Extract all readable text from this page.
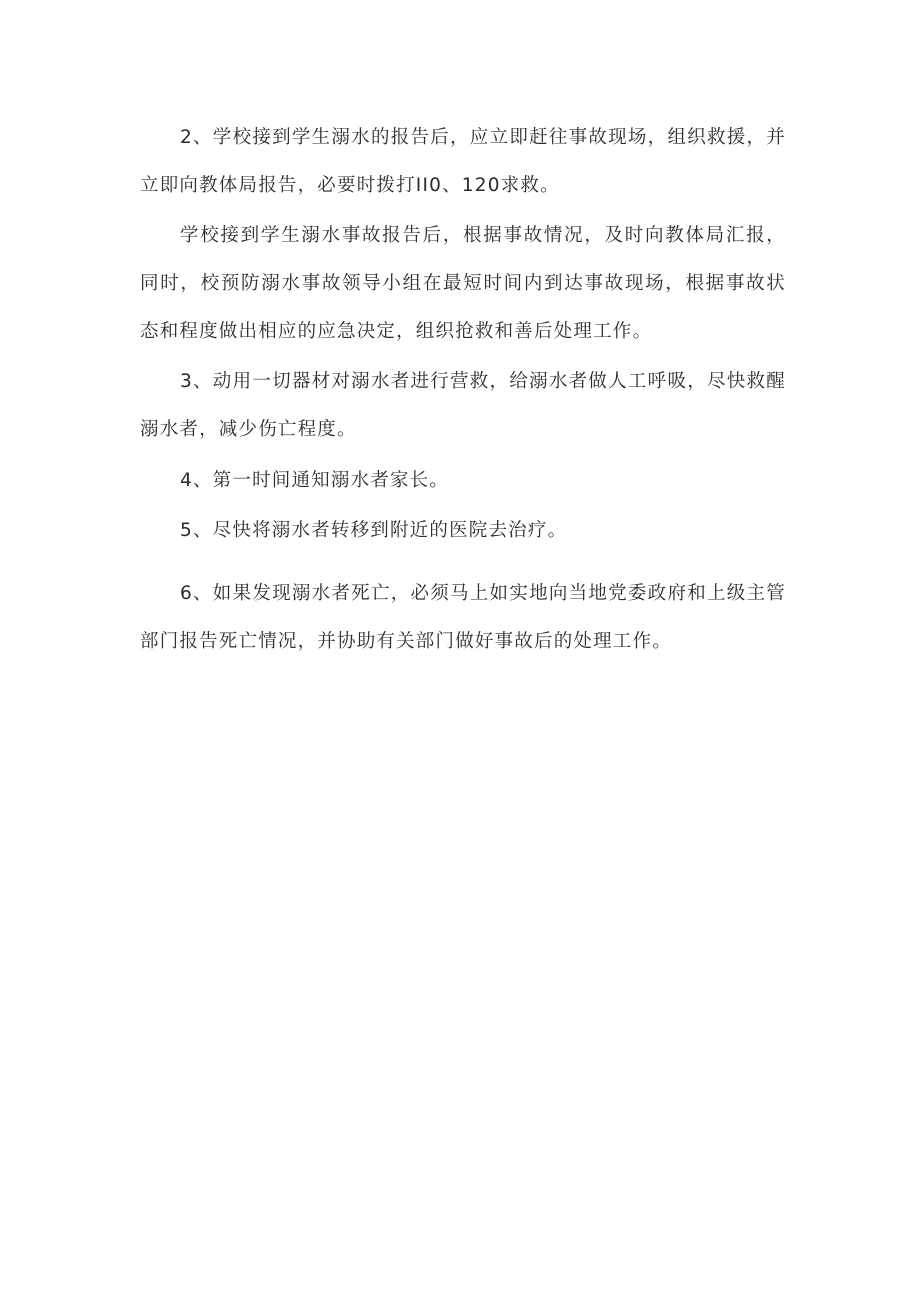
2、学校接到学生溺水的报告后，应立即赶往事故现场，组织救援，并立即向教体局报告，必要时拨打II0、120求救。

学校接到学生溺水事故报告后，根据事故情况，及时向教体局汇报，同时，校预防溺水事故领导小组在最短时间内到达事故现场，根据事故状态和程度做出相应的应急决定，组织抢救和善后处理工作。

3、动用一切器材对溺水者进行营救，给溺水者做人工呼吸，尽快救醒溺水者，减少伤亡程度。

4、第一时间通知溺水者家长。

5、尽快将溺水者转移到附近的医院去治疗。

6、如果发现溺水者死亡，必须马上如实地向当地党委政府和上级主管部门报告死亡情况，并协助有关部门做好事故后的处理工作。
